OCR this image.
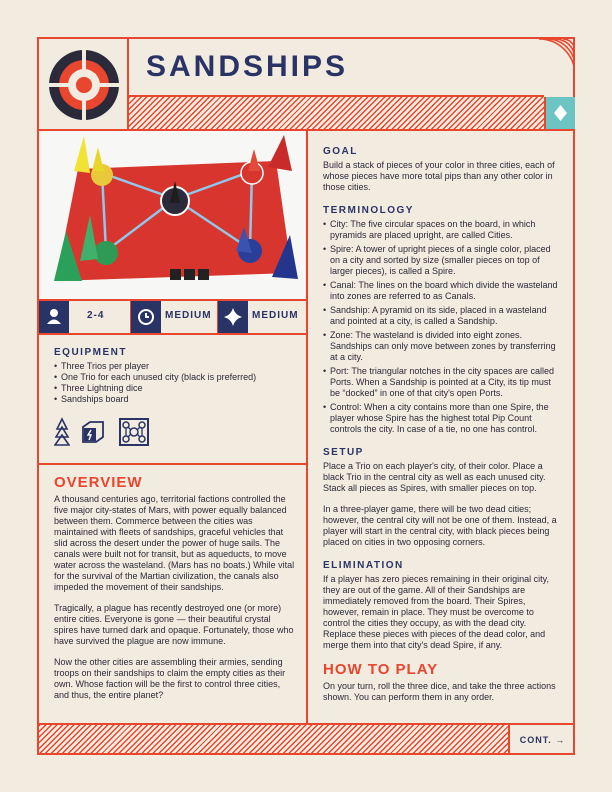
SANDSHIPS
2-4	MEDIUM	MEDIUM
EQUIPMENT
• Three Trios per player
• One Trio for each unused city (black is preferred)
• Three Lightning dice
• Sandships board
OVERVIEW

A thousand centuries ago, territorial factions controlled the five major city-states of Mars, with power equally balanced between them. Commerce between the cities was maintained with fleets of sandships, graceful vehicles that slid across the desert under the power of huge sails. The canals were built not for transit, but as aqueducts, to move water across the wasteland. (Mars has no boats.) While vital for the survival of the Martian civilization, the canals also impeded the movement of their sandships.

Tragically, a plague has recently destroyed one (or more) entire cities. Everyone is gone — their beautiful crystal spires have turned dark and opaque. Fortunately, those who have survived the plague are now immune.

Now the other cities are assembling their armies, sending troops on their sandships to claim the empty cities as their own. Whose faction will be the first to control three cities, and thus, the entire planet?

GOAL

Build a stack of pieces of your color in three cities, each of whose pieces have more total pips than any other color in those cities.

TERMINOLOGY
• City: The five circular spaces on the board, in which pyramids are placed upright, are called Cities.
• Spire: A tower of upright pieces of a single color, placed on a city and sorted by size (smaller pieces on top of larger pieces), is called a Spire.
• Canal: The lines on the board which divide the wasteland into zones are referred to as Canals.
• Sandship: A pyramid on its side, placed in a wasteland and pointed at a city, is called a Sandship.
• Zone: The wasteland is divided into eight zones. Sandships can only move between zones by transferring at a city.
• Port: The triangular notches in the city spaces are called Ports. When a Sandship is pointed at a City, its tip must be “docked” in one of that city's open Ports.
• Control: When a city contains more than one Spire, the player whose Spire has the highest total Pip Count controls the city. In case of a tie, no one has control.
SETUP

Place a Trio on each player's city, of their color. Place a black Trio in the central city as well as each unused city. Stack all pieces as Spires, with smaller pieces on top.

In a three-player game, there will be two dead cities; however, the central city will not be one of them. Instead, a player will start in the central city, with black pieces being placed on cities in two opposing corners.

ELIMINATION

If a player has zero pieces remaining in their original city, they are out of the game. All of their Sandships are immediately removed from the board. Their Spires, however, remain in place. They must be overcome to control the cities they occupy, as with the dead city. Replace these pieces with pieces of the dead color, and merge them into that city's dead Spire, if any.

HOW TO PLAY

On your turn, roll the three dice, and take the three actions shown. You can perform them in any order.

CONT. →
